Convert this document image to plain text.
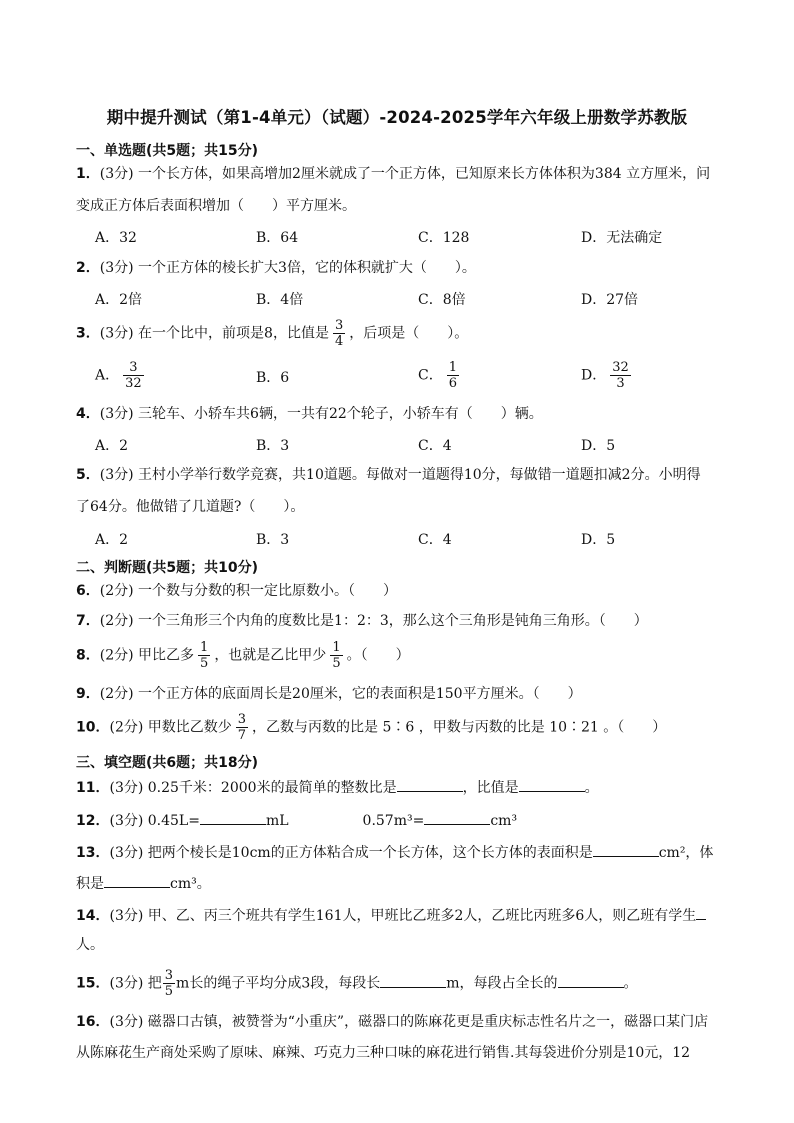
期中提升测试（第1-4单元）（试题）-2024-2025学年六年级上册数学苏教版
一、单选题(共5题；共15分)
1．(3分) 一个长方体，如果高增加2厘米就成了一个正方体，已知原来长方体体积为384 立方厘米，问
变成正方体后表面积增加（　　）平方厘米。
A．32	B．64	C．128	D．无法确定
2．(3分) 一个正方体的棱长扩大3倍，它的体积就扩大（　　）。
A．2倍	B．4倍	C．8倍	D．27倍
3．(3分) 在一个比中，前项是8，比值是 $\frac{3}{4}$ ，后项是（　　）。
A． $\frac{3}{32}$	B．6	C． $\frac{1}{6}$	D． $\frac{32}{3}$
4．(3分) 三轮车、小轿车共6辆，一共有22个轮子，小轿车有（　　）辆。
A．2	B．3	C．4	D．5
5．(3分) 王村小学举行数学竞赛，共10道题。每做对一道题得10分，每做错一道题扣减2分。小明得
了64分。他做错了几道题?（　　）。
A．2	B．3	C．4	D．5
二、判断题(共5题；共10分)
6．(2分) 一个数与分数的积一定比原数小。（　　）
7．(2分) 一个三角形三个内角的度数比是1：2：3，那么这个三角形是钝角三角形。（　　）
8．(2分) 甲比乙多 $\frac{1}{5}$ ，也就是乙比甲少 $\frac{1}{5}$ 。（　　）
9．(2分) 一个正方体的底面周长是20厘米，它的表面积是150平方厘米。（　　）
10．(2分) 甲数比乙数少 $\frac{3}{7}$ ，乙数与丙数的比是 5∶6 ，甲数与丙数的比是 10∶21 。（　　）
三、填空题(共6题；共18分)
11．(3分) 0.25千米：2000米的最简单的整数比是	，比值是	。
12．(3分) 0.45L=	mL	0.57m³=	cm³
13．(3分) 把两个棱长是10cm的正方体粘合成一个长方体，这个长方体的表面积是	cm²，体
积是	cm³。
14．(3分) 甲、乙、丙三个班共有学生161人，甲班比乙班多2人，乙班比丙班多6人，则乙班有学生
人。
15．(3分) 把 $\frac{3}{5}$ m长的绳子平均分成3段，每段长	m，每段占全长的	。
16．(3分) 磁器口古镇，被赞誉为“小重庆”，磁器口的陈麻花更是重庆标志性名片之一，磁器口某门店
从陈麻花生产商处采购了原味、麻辣、巧克力三种口味的麻花进行销售.其每袋进价分别是10元，12
